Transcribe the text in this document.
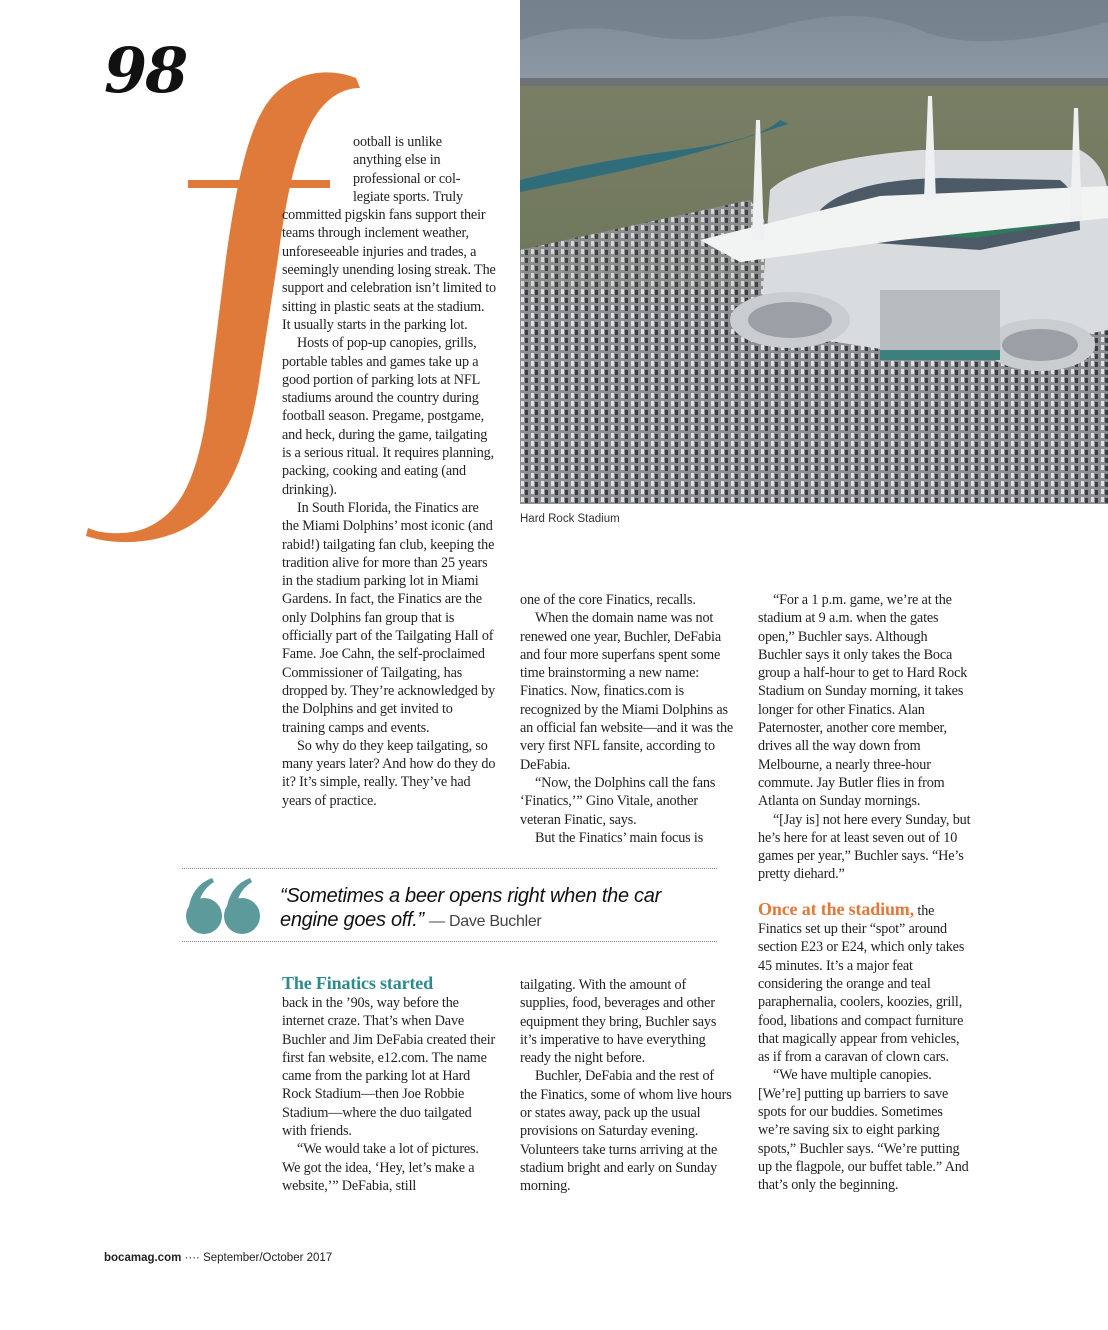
98
Hard Rock Stadium
ootball is unlike
anything else in
professional or col-
legiate sports. Truly

committed pigskin fans support their teams through inclement weather, unforeseeable injuries and trades, a seemingly unending losing streak. The support and celebration isn’t limited to sitting in plastic seats at the stadium. It usually starts in the parking lot.

Hosts of pop-up canopies, grills, portable tables and games take up a good portion of parking lots at NFL stadiums around the country during football season. Pregame, postgame, and heck, during the game, tailgating is a serious ritual. It requires planning, packing, cooking and eating (and drinking).

In South Florida, the Finatics are the Miami Dolphins’ most iconic (and rabid!) tailgating fan club, keeping the tradition alive for more than 25 years in the stadium parking lot in Miami Gardens. In fact, the Finatics are the only Dolphins fan group that is officially part of the Tailgating Hall of Fame. Joe Cahn, the self-proclaimed Commissioner of Tailgating, has dropped by. They’re acknowledged by the Dolphins and get invited to training camps and events.

So why do they keep tailgating, so many years later? And how do they do it? It’s simple, really. They’ve had years of practice.

one of the core Finatics, recalls.

When the domain name was not renewed one year, Buchler, DeFabia and four more superfans spent some time brainstorming a new name: Finatics. Now, finatics.com is recognized by the Miami Dolphins as an official fan website—and it was the very first NFL fansite, according to DeFabia.

“Now, the Dolphins call the fans ‘Finatics,’” Gino Vitale, another veteran Finatic, says.

But the Finatics’ main focus is

“For a 1 p.m. game, we’re at the stadium at 9 a.m. when the gates open,” Buchler says. Although Buchler says it only takes the Boca group a half-hour to get to Hard Rock Stadium on Sunday morning, it takes longer for other Finatics. Alan Paternoster, another core member, drives all the way down from Melbourne, a nearly three-hour commute. Jay Butler flies in from Atlanta on Sunday mornings.

“[Jay is] not here every Sunday, but he’s here for at least seven out of 10 games per year,” Buchler says. “He’s pretty diehard.”

Once at the stadium, the Finatics set up their “spot” around section E23 or E24, which only takes 45 minutes. It’s a major feat considering the orange and teal paraphernalia, coolers, koozies, grill, food, libations and compact furniture that magically appear from vehicles, as if from a caravan of clown cars.

“We have multiple canopies. [We’re] putting up barriers to save spots for our buddies. Sometimes we’re saving six to eight parking spots,” Buchler says. “We’re putting up the flagpole, our buffet table.” And that’s only the beginning.

“Sometimes a beer opens right when the car engine goes off.” — Dave Buchler
The Finatics started

back in the ’90s, way before the internet craze. That’s when Dave Buchler and Jim DeFabia created their first fan website, e12.com. The name came from the parking lot at Hard Rock Stadium—then Joe Robbie Stadium—where the duo tailgated with friends.

“We would take a lot of pictures. We got the idea, ‘Hey, let’s make a website,’” DeFabia, still

tailgating. With the amount of supplies, food, beverages and other equipment they bring, Buchler says it’s imperative to have everything ready the night before.

Buchler, DeFabia and the rest of the Finatics, some of whom live hours or states away, pack up the usual provisions on Saturday evening. Volunteers take turns arriving at the stadium bright and early on Sunday morning.

bocamag.com ···· September/October 2017
